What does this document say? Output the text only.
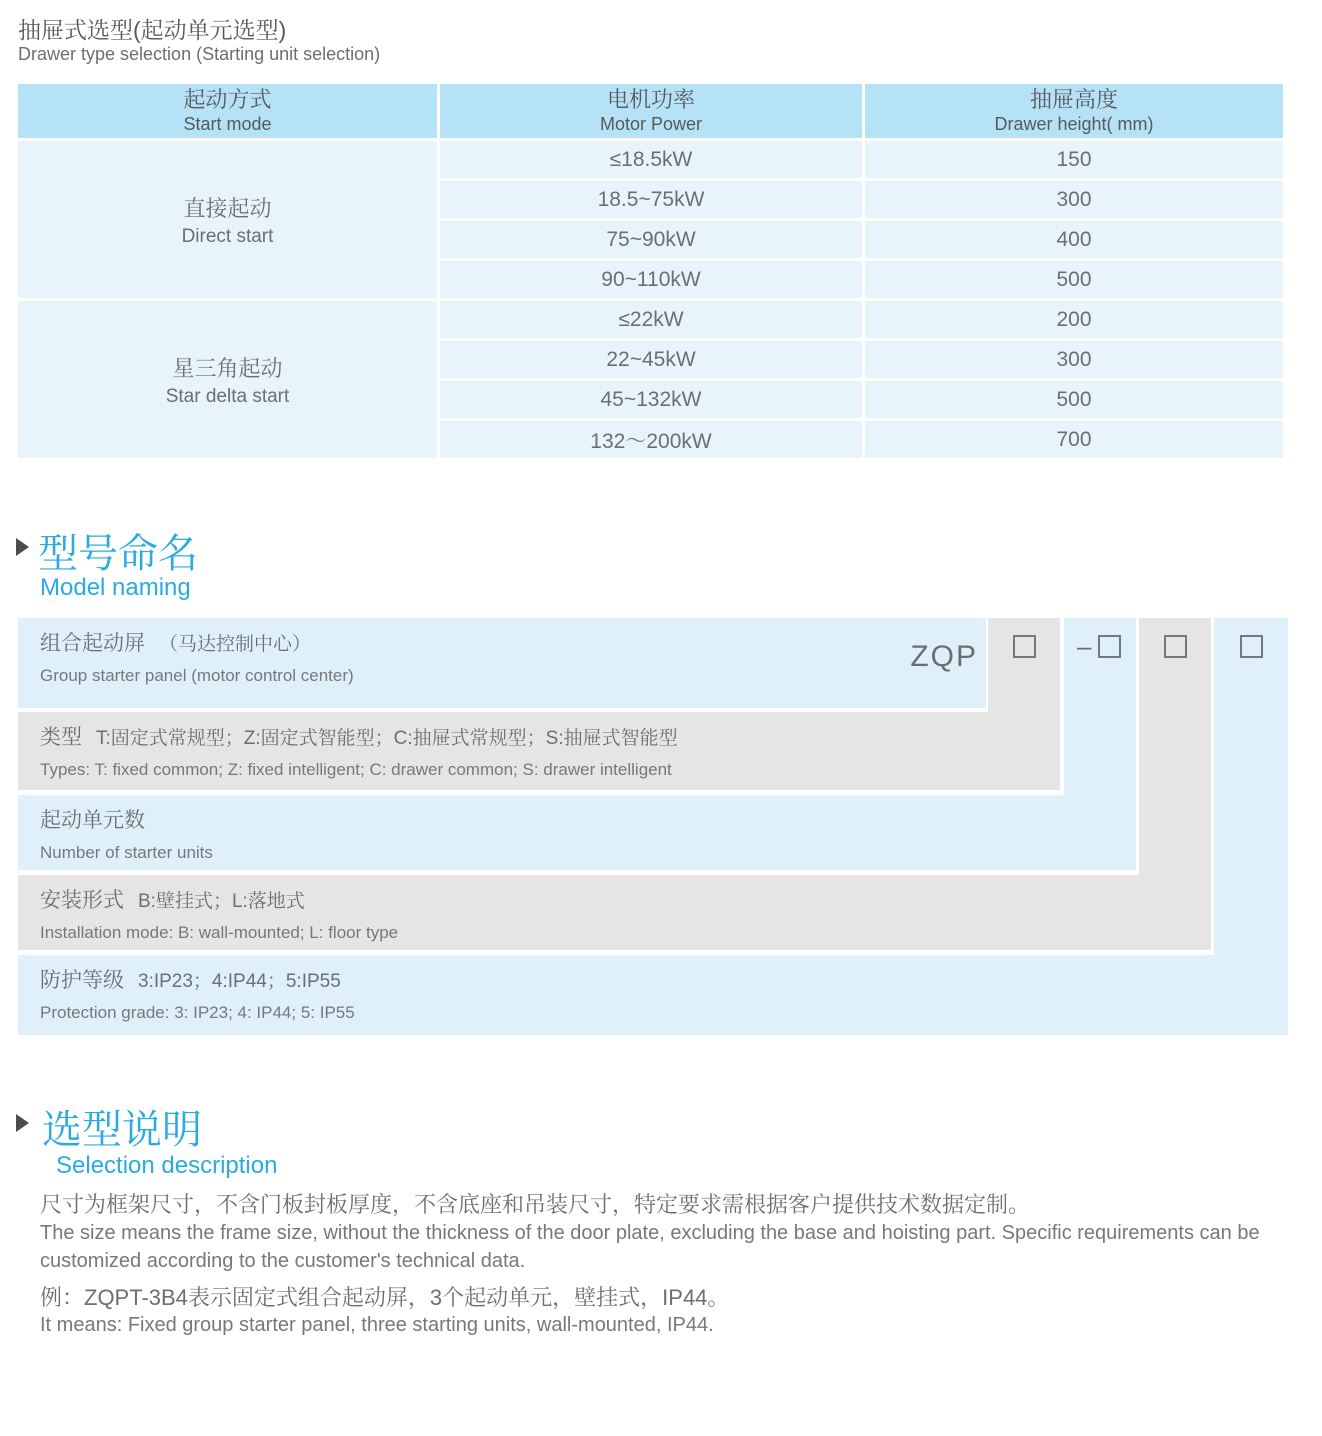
抽屉式选型(起动单元选型)
Drawer type selection (Starting unit selection)
起动方式
Start mode
电机功率
Motor Power
抽屉高度
Drawer height( mm)
直接起动
Direct start
星三角起动
Star delta start
≤18.5kW
18.5~75kW
75~90kW
90~110kW
≤22kW
22~45kW
45~132kW
132～200kW
150
300
400
500
200
300
500
700
型号命名
Model naming
组合起动屏 （马达控制中心）
Group starter panel (motor control center)
ZQP
类型 T:固定式常规型；Z:固定式智能型；C:抽屉式常规型；S:抽屉式智能型
Types: T: fixed common; Z: fixed intelligent; C: drawer common; S: drawer intelligent
起动单元数
Number of starter units
安装形式 B:壁挂式；L:落地式
Installation mode: B: wall-mounted; L: floor type
防护等级 3:IP23；4:IP44；5:IP55
Protection grade: 3: IP23; 4: IP44; 5: IP55
–
选型说明
Selection description
尺寸为框架尺寸，不含门板封板厚度，不含底座和吊装尺寸，特定要求需根据客户提供技术数据定制。
The size means the frame size, without the thickness of the door plate, excluding the base and hoisting part. Specific requirements can be
customized according to the customer's technical data.
例：ZQPT-3B4表示固定式组合起动屏，3个起动单元，壁挂式，IP44。
It means: Fixed group starter panel, three starting units, wall-mounted, IP44.
